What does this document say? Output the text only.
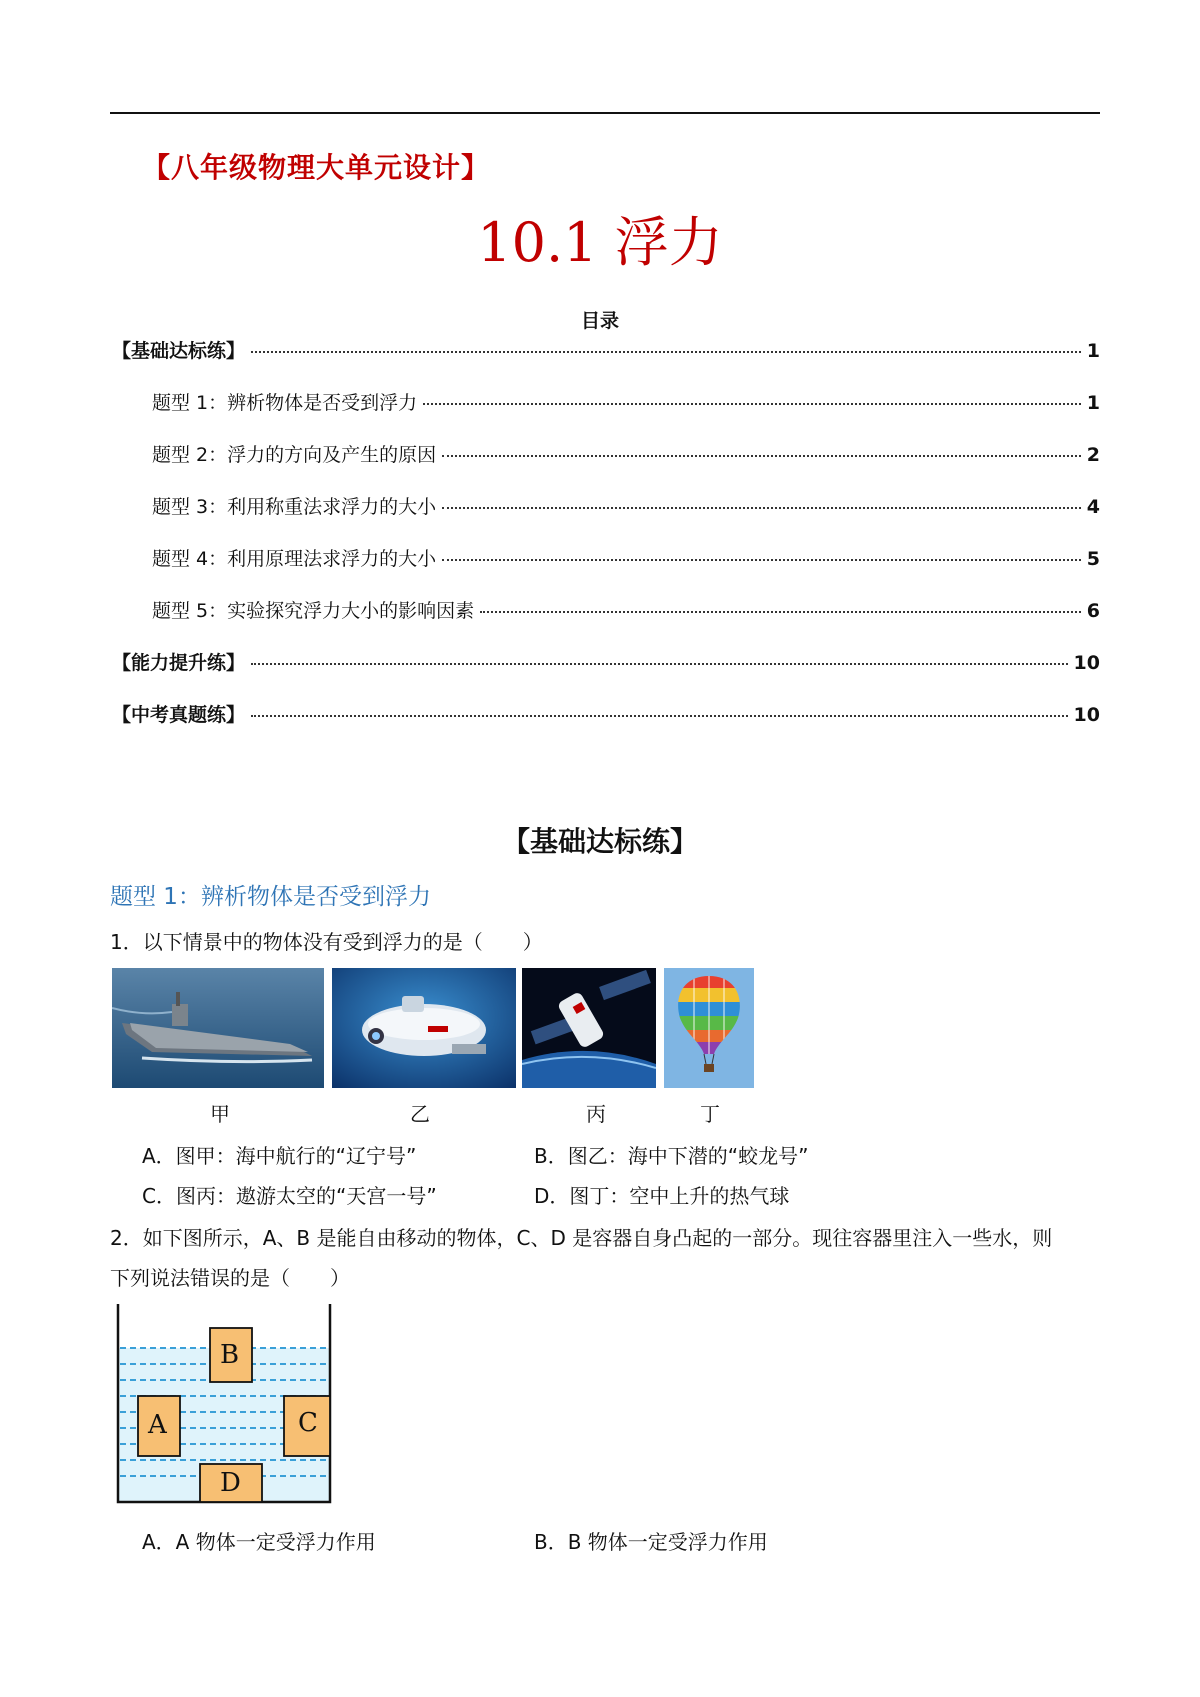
【八年级物理大单元设计】
10.1 浮力
目录
【基础达标练】	1
题型 1：辨析物体是否受到浮力	1
题型 2：浮力的方向及产生的原因	2
题型 3：利用称重法求浮力的大小	4
题型 4：利用原理法求浮力的大小	5
题型 5：实验探究浮力大小的影响因素	6
【能力提升练】	10
【中考真题练】	10
【基础达标练】
题型 1：辨析物体是否受到浮力
1．以下情景中的物体没有受到浮力的是（　　）
甲	乙	丙	丁
A．图甲：海中航行的“辽宁号”	B．图乙：海中下潜的“蛟龙号”
C．图丙：遨游太空的“天宫一号”	D．图丁：空中上升的热气球
2．如下图所示，A、B 是能自由移动的物体，C、D 是容器自身凸起的一部分。现往容器里注入一些水，则
下列说法错误的是（　　）
B
A	C
D
A．A 物体一定受浮力作用	B．B 物体一定受浮力作用
